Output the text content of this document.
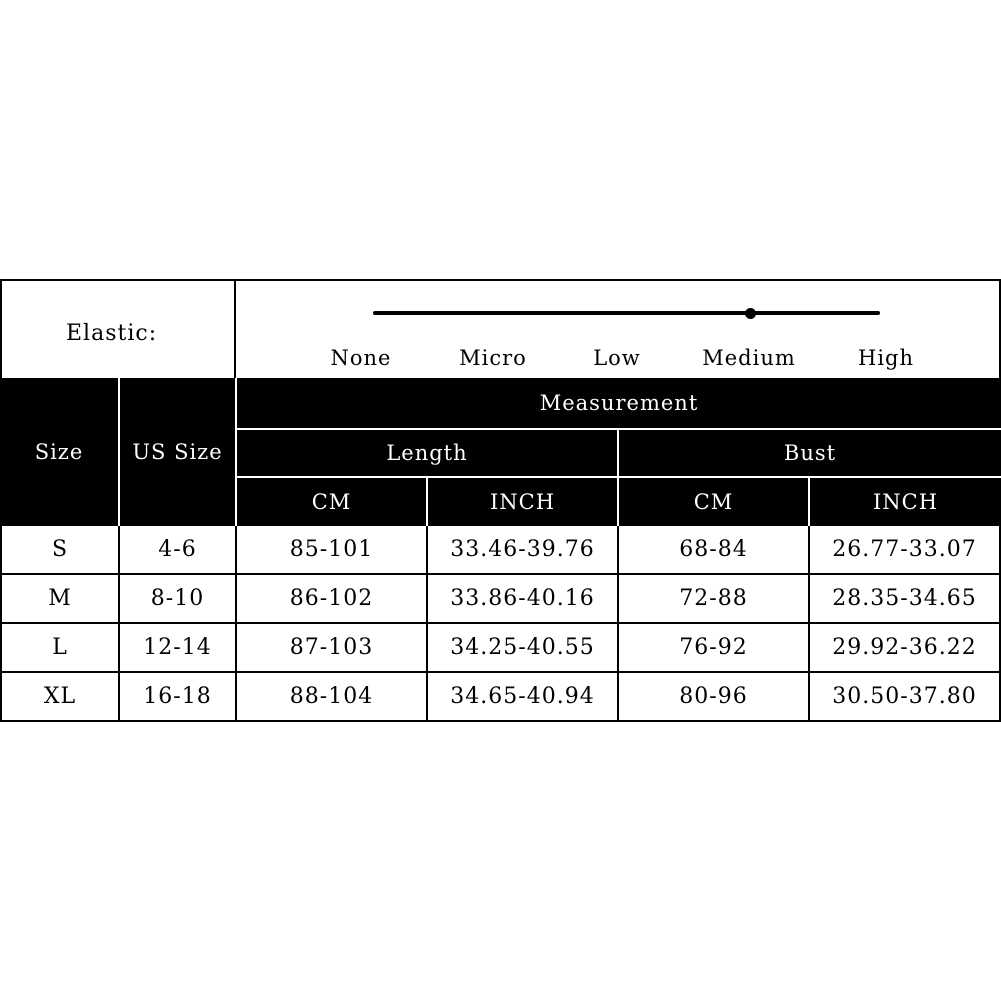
Elastic:
None	Micro	Low	Medium	High
Size	US Size
Measurement
Length	Bust
CM	INCH	CM	INCH
S	4-6	85-101	33.46-39.76	68-84	26.77-33.07
M	8-10	86-102	33.86-40.16	72-88	28.35-34.65
L	12-14	87-103	34.25-40.55	76-92	29.92-36.22
XL	16-18	88-104	34.65-40.94	80-96	30.50-37.80
